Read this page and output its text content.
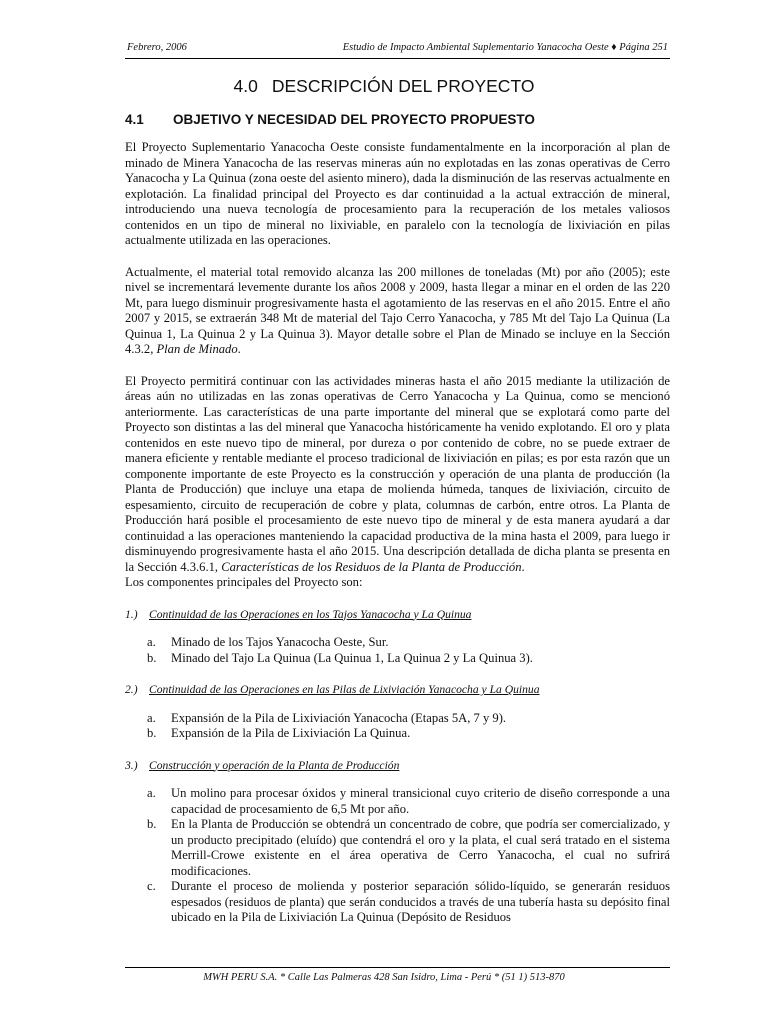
Febrero, 2006	Estudio de Impacto Ambiental Suplementario Yanacocha Oeste ♦ Página 251
4.0 DESCRIPCIÓN DEL PROYECTO
4.1 OBJETIVO Y NECESIDAD DEL PROYECTO PROPUESTO

El Proyecto Suplementario Yanacocha Oeste consiste fundamentalmente en la incorporación al plan de minado de Minera Yanacocha de las reservas mineras aún no explotadas en las zonas operativas de Cerro Yanacocha y La Quinua (zona oeste del asiento minero), dada la disminución de las reservas actualmente en explotación. La finalidad principal del Proyecto es dar continuidad a la actual extracción de mineral, introduciendo una nueva tecnología de procesamiento para la recuperación de los metales valiosos contenidos en un tipo de mineral no lixiviable, en paralelo con la tecnología de lixiviación en pilas actualmente utilizada en las operaciones.

Actualmente, el material total removido alcanza las 200 millones de toneladas (Mt) por año (2005); este nivel se incrementará levemente durante los años 2008 y 2009, hasta llegar a minar en el orden de las 220 Mt, para luego disminuir progresivamente hasta el agotamiento de las reservas en el año 2015. Entre el año 2007 y 2015, se extraerán 348 Mt de material del Tajo Cerro Yanacocha, y 785 Mt del Tajo La Quinua (La Quinua 1, La Quinua 2 y La Quinua 3). Mayor detalle sobre el Plan de Minado se incluye en la Sección 4.3.2, Plan de Minado.

El Proyecto permitirá continuar con las actividades mineras hasta el año 2015 mediante la utilización de áreas aún no utilizadas en las zonas operativas de Cerro Yanacocha y La Quinua, como se mencionó anteriormente. Las características de una parte importante del mineral que se explotará como parte del Proyecto son distintas a las del mineral que Yanacocha históricamente ha venido explotando. El oro y plata contenidos en este nuevo tipo de mineral, por dureza o por contenido de cobre, no se puede extraer de manera eficiente y rentable mediante el proceso tradicional de lixiviación en pilas; es por esta razón que un componente importante de este Proyecto es la construcción y operación de una planta de producción (la Planta de Producción) que incluye una etapa de molienda húmeda, tanques de lixiviación, circuito de espesamiento, circuito de recuperación de cobre y plata, columnas de carbón, entre otros. La Planta de Producción hará posible el procesamiento de este nuevo tipo de mineral y de esta manera ayudará a dar continuidad a las operaciones manteniendo la capacidad productiva de la mina hasta el 2009, para luego ir disminuyendo progresivamente hasta el año 2015. Una descripción detallada de dicha planta se presenta en la Sección 4.3.6.1, Características de los Residuos de la Planta de Producción.

Los componentes principales del Proyecto son:

1.) Continuidad de las Operaciones en los Tajos Yanacocha y La Quinua
a.	Minado de los Tajos Yanacocha Oeste, Sur.
b.	Minado del Tajo La Quinua (La Quinua 1, La Quinua 2 y La Quinua 3).
2.) Continuidad de las Operaciones en las Pilas de Lixiviación Yanacocha y La Quinua
a.	Expansión de la Pila de Lixiviación Yanacocha (Etapas 5A, 7 y 9).
b.	Expansión de la Pila de Lixiviación La Quinua.
3.) Construcción y operación de la Planta de Producción
a.	Un molino para procesar óxidos y mineral transicional cuyo criterio de diseño corresponde a una capacidad de procesamiento de 6,5 Mt por año.
b.	En la Planta de Producción se obtendrá un concentrado de cobre, que podría ser comercializado, y un producto precipitado (eluído) que contendrá el oro y la plata, el cual será tratado en el sistema Merrill-Crowe existente en el área operativa de Cerro Yanacocha, el cual no sufrirá modificaciones.
c.	Durante el proceso de molienda y posterior separación sólido-líquido, se generarán residuos espesados (residuos de planta) que serán conducidos a través de una tubería hasta su depósito final ubicado en la Pila de Lixiviación La Quinua (Depósito de Residuos
MWH PERU S.A. * Calle Las Palmeras 428 San Isidro, Lima - Perú * (51 1) 513-870
